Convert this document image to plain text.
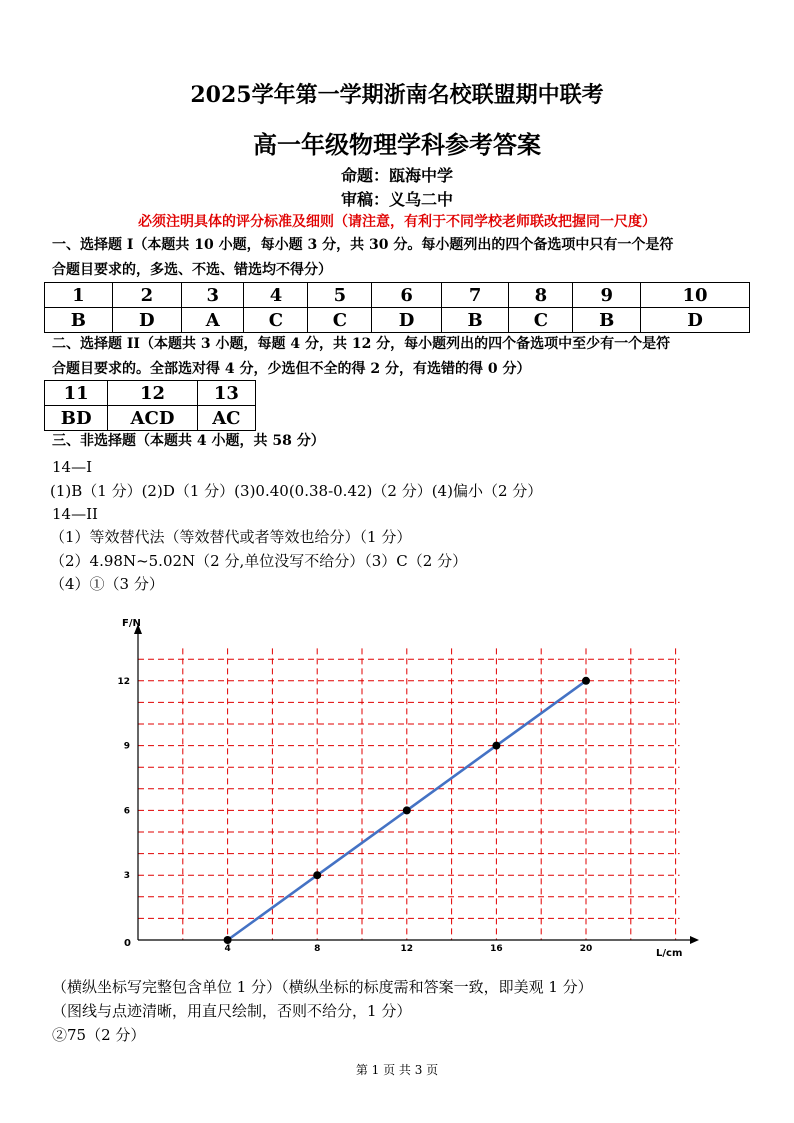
2025学年第一学期浙南名校联盟期中联考
高一年级物理学科参考答案
命题：瓯海中学
审稿：义乌二中
必须注明具体的评分标准及细则（请注意，有利于不同学校老师联改把握同一尺度）
一、选择题 I（本题共 10 小题，每小题 3 分，共 30 分。每小题列出的四个备选项中只有一个是符
合题目要求的，多选、不选、错选均不得分）
1	2	3	4	5	6	7	8	9	10
B	D	A	C	C	D	B	C	B	D
二、选择题 II（本题共 3 小题，每题 4 分，共 12 分，每小题列出的四个备选项中至少有一个是符
合题目要求的。全部选对得 4 分，少选但不全的得 2 分，有选错的得 0 分）
11	12	13
BD	ACD	AC
三、非选择题（本题共 4 小题，共 58 分）
14—I
(1)B（1 分）(2)D（1 分）(3)0.40(0.38-0.42)（2 分）(4)偏小（2 分）
14—II
（1）等效替代法（等效替代或者等效也给分）（1 分）
（2）4.98N~5.02N（2 分,单位没写不给分）（3）C（2 分）
（4）①（3 分）
F/N
L/cm
0	4	8	12	16	20
3
6
9
12
（横纵坐标写完整包含单位 1 分）（横纵坐标的标度需和答案一致，即美观 1 分）
（图线与点迹清晰，用直尺绘制，否则不给分，1 分）
②75（2 分）
第 1 页 共 3 页
